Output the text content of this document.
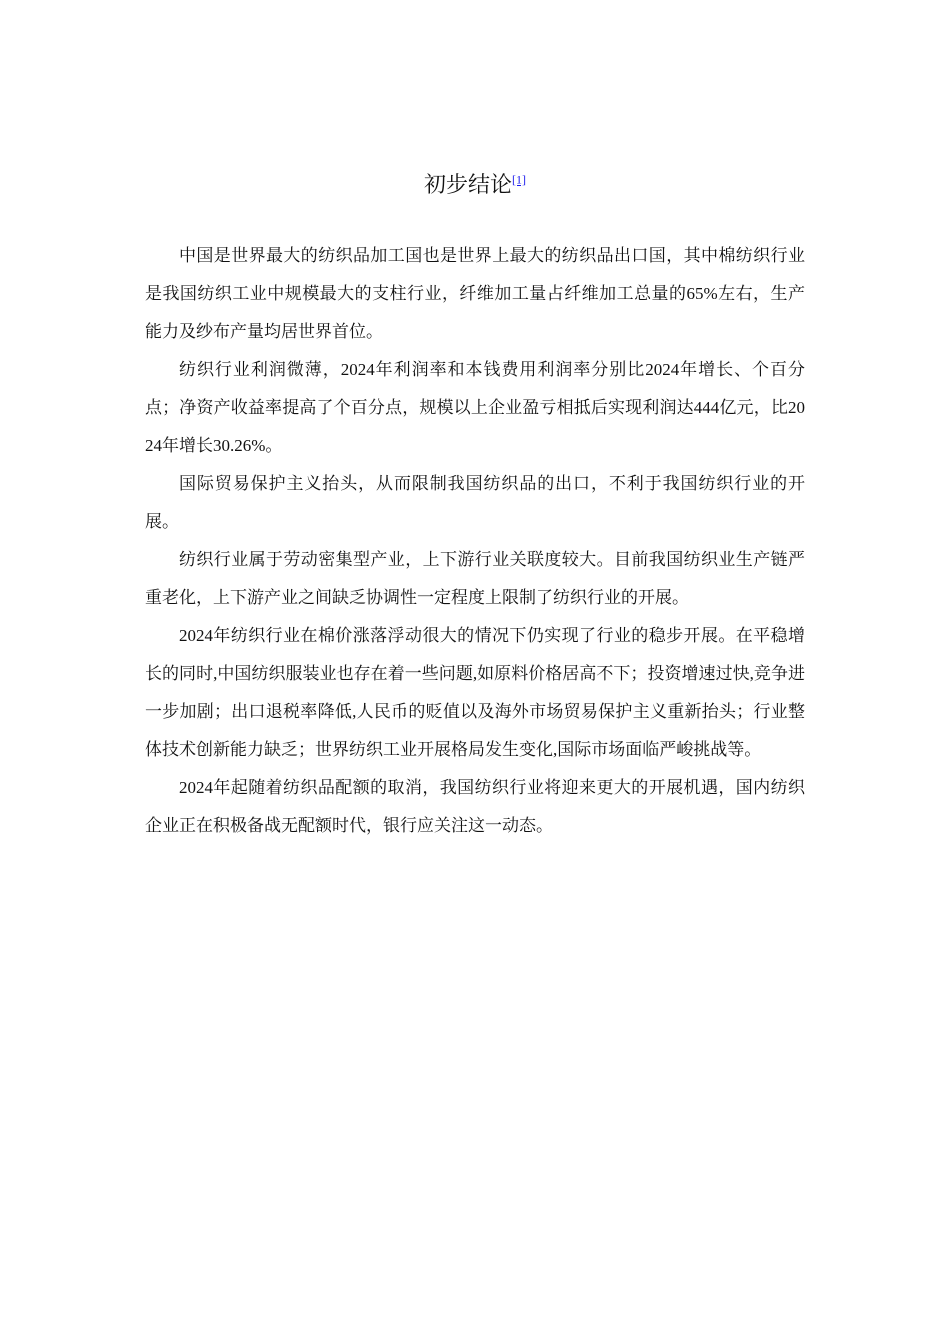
初步结论[1]

中国是世界最大的纺织品加工国也是世界上最大的纺织品出口国，其中棉纺织行业是我国纺织工业中规模最大的支柱行业，纤维加工量占纤维加工总量的65%左右，生产能力及纱布产量均居世界首位。

纺织行业利润微薄，2024年利润率和本钱费用利润率分别比2024年增长、个百分点；净资产收益率提高了个百分点，规模以上企业盈亏相抵后实现利润达444亿元，比2024年增长30.26%。

国际贸易保护主义抬头，从而限制我国纺织品的出口，不利于我国纺织行业的开展。

纺织行业属于劳动密集型产业，上下游行业关联度较大。目前我国纺织业生产链严重老化，上下游产业之间缺乏协调性一定程度上限制了纺织行业的开展。

2024年纺织行业在棉价涨落浮动很大的情况下仍实现了行业的稳步开展。在平稳增长的同时,中国纺织服装业也存在着一些问题,如原料价格居高不下；投资增速过快,竞争进一步加剧；出口退税率降低,人民币的贬值以及海外市场贸易保护主义重新抬头；行业整体技术创新能力缺乏；世界纺织工业开展格局发生变化,国际市场面临严峻挑战等。

2024年起随着纺织品配额的取消，我国纺织行业将迎来更大的开展机遇，国内纺织企业正在积极备战无配额时代，银行应关注这一动态。
